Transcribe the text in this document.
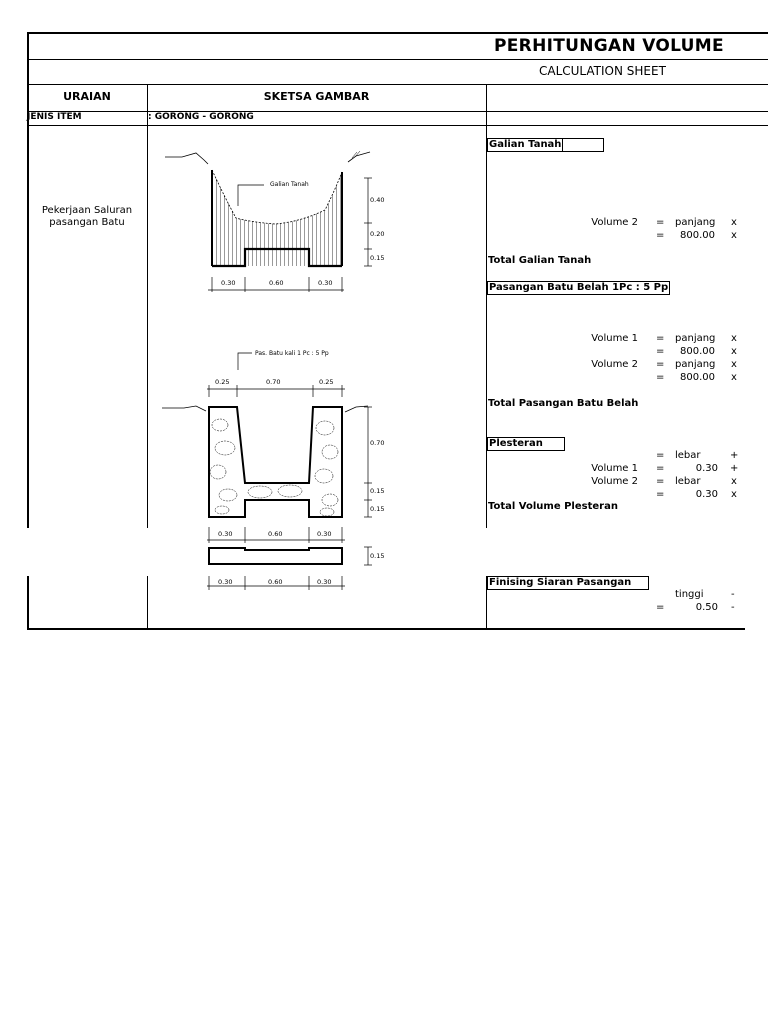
PERHITUNGAN VOLUME
CALCULATION SHEET
URAIAN	SKETSA GAMBAR
JENIS ITEM	: GORONG - GORONG
Pekerjaan Saluran
pasangan Batu
Galian Tanah
0.40
0.20
0.15
0.30	0.60	0.30
Pas. Batu kali 1 Pc : 5 Pp
0.25	0.70	0.25
0.70
0.15
0.15
0.30	0.60	0.30
0.15
0.30	0.60	0.30
Galian Tanah
Volume 2 = panjang x
=	800.00 x
Total Galian Tanah
Pasangan Batu Belah 1Pc : 5 Pp
Volume 1 = panjang x
=	800.00 x
Volume 2 = panjang x
=	800.00 x
Total Pasangan Batu Belah
Plesteran
= lebar	+
Volume 1 =	0.30 +
Volume 2 = lebar	x
=	0.30 x
Total Volume Plesteran
Finising Siaran Pasangan
tinggi	-
=	0.50 -
